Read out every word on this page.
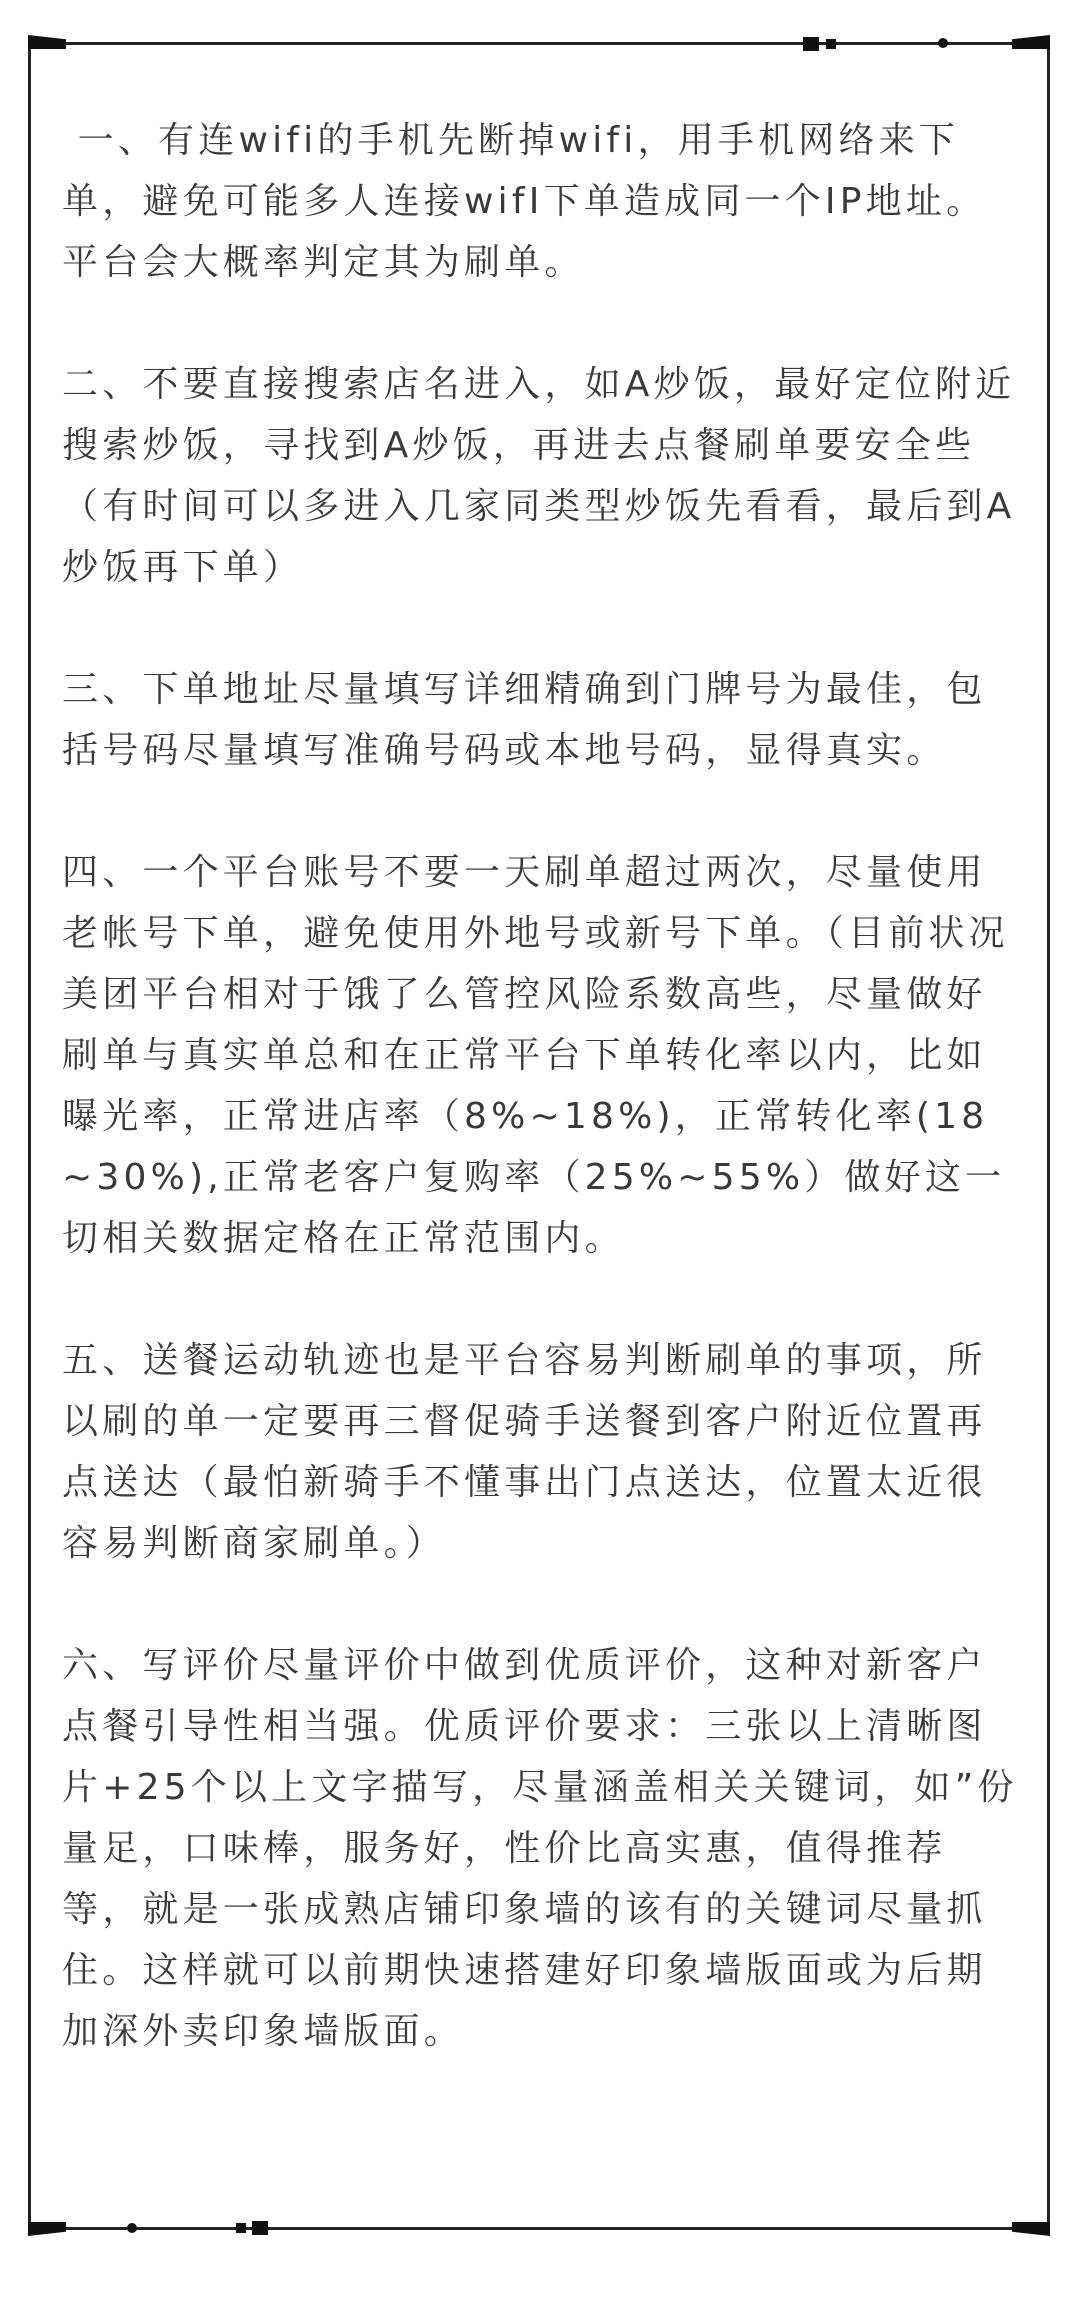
一、有连wifi的手机先断掉wifi，用手机网络来下单，避免可能多人连接wifI下单造成同一个IP地址。平台会大概率判定其为刷单。

二、不要直接搜索店名进入，如A炒饭，最好定位附近搜索炒饭，寻找到A炒饭，再进去点餐刷单要安全些（有时间可以多进入几家同类型炒饭先看看，最后到A炒饭再下单）

三、下单地址尽量填写详细精确到门牌号为最佳，包括号码尽量填写准确号码或本地号码，显得真实。

四、一个平台账号不要一天刷单超过两次，尽量使用老帐号下单，避免使用外地号或新号下单。（目前状况美团平台相对于饿了么管控风险系数高些，尽量做好刷单与真实单总和在正常平台下单转化率以内，比如曝光率，正常进店率（8%~18%)，正常转化率(18~30%),正常老客户复购率（25%~55%）做好这一切相关数据定格在正常范围内。

五、送餐运动轨迹也是平台容易判断刷单的事项，所以刷的单一定要再三督促骑手送餐到客户附近位置再点送达（最怕新骑手不懂事出门点送达，位置太近很容易判断商家刷单。）

六、写评价尽量评价中做到优质评价，这种对新客户点餐引导性相当强。优质评价要求：三张以上清晰图片+25个以上文字描写，尽量涵盖相关关键词，如”份量足，口味棒，服务好，性价比高实惠，值得推荐等，就是一张成熟店铺印象墙的该有的关键词尽量抓住。这样就可以前期快速搭建好印象墙版面或为后期加深外卖印象墙版面。
